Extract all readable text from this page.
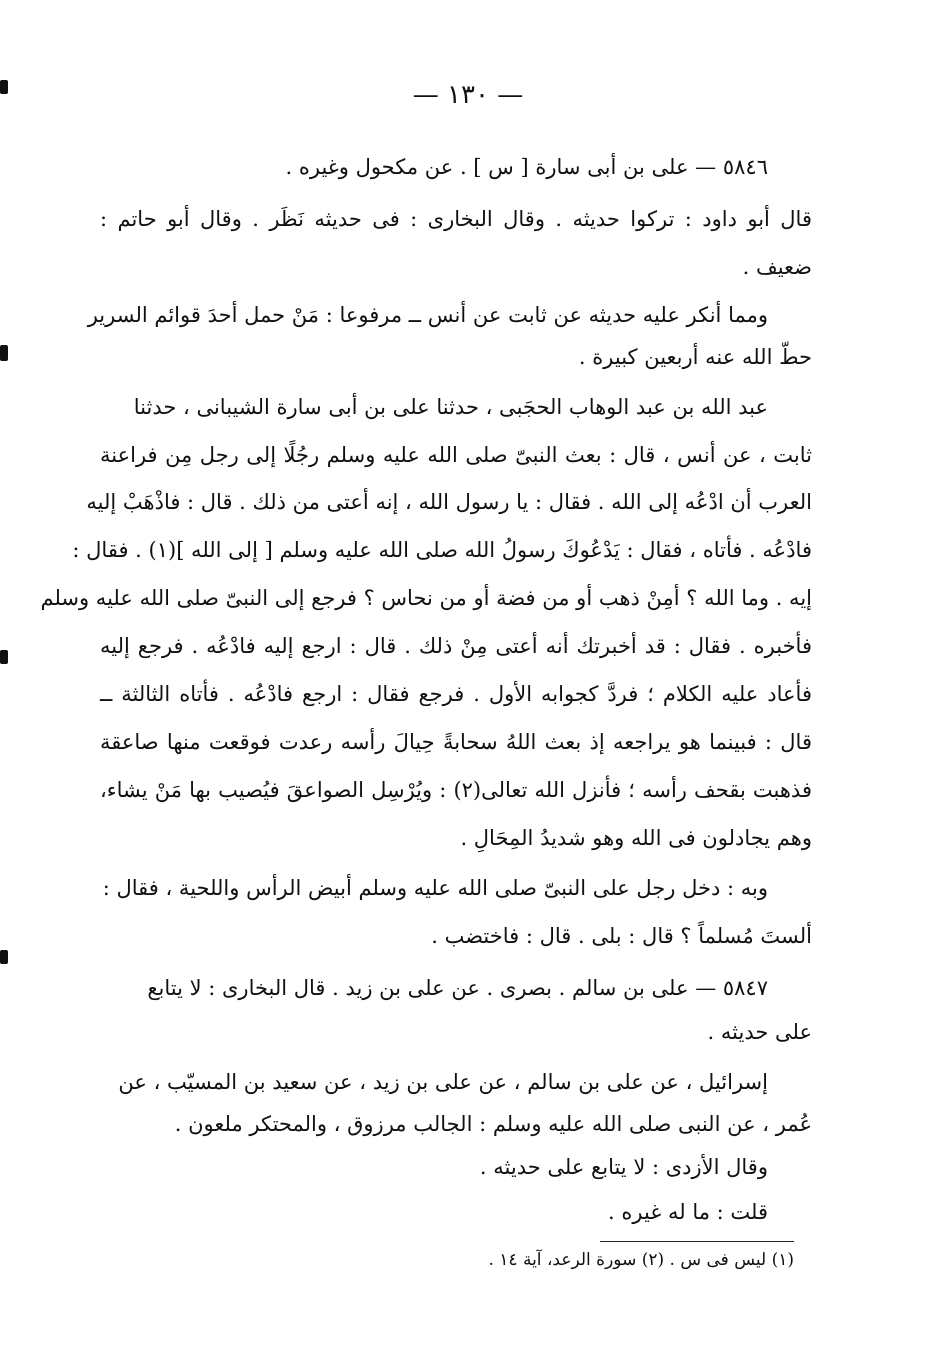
— ١٣٠ —
٥٨٤٦ — على بن أبى سارة [ س ] . عن مكحول وغيره .
قال أبو داود : تركوا حديثه . وقال البخارى : فى حديثه نَظَر . وقال أبو حاتم :
ضعيف .
ومما أنكر عليه حديثه عن ثابت عن أنس ــ مرفوعا : مَنْ حمل أحدَ قوائم السرير
حطّ الله عنه أربعين كبيرة .
عبد الله بن عبد الوهاب الحجَبى ، حدثنا على بن أبى سارة الشيبانى ، حدثنا
ثابت ، عن أنس ، قال : بعث النبىّ صلى الله عليه وسلم رجُلًا إلى رجل مِن فراعنة
العرب أن ادْعُه إلى الله . فقال : يا رسول الله ، إنه أعتى من ذلك . قال : فاذْهَبْ إليه
فادْعُه . فأتاه ، فقال : يَدْعُوكَ رسولُ الله صلى الله عليه وسلم [ إلى الله ](١) . فقال :
إيه . وما الله ؟ أمِنْ ذهب أو من فضة أو من نحاس ؟ فرجع إلى النبىّ صلى الله عليه وسلم
فأخبره . فقال : قد أخبرتك أنه أعتى مِنْ ذلك . قال : ارجع إليه فادْعُه . فرجع إليه
فأعاد عليه الكلام ؛ فردَّ كجوابه الأول . فرجع فقال : ارجع فادْعُه . فأتاه الثالثة ــ
قال : فبينما هو يراجعه إذ بعث اللهُ سحابةً حِيالَ رأسه رعدت فوقعت منها صاعقة
فذهبت بقحف رأسه ؛ فأنزل الله تعالى(٢) : ويُرْسِل الصواعقَ فيُصيب بها مَنْ يشاء،
وهم يجادلون فى الله وهو شديدُ المِحَالِ .
وبه : دخل رجل على النبىّ صلى الله عليه وسلم أبيض الرأس واللحية ، فقال :
ألستَ مُسلماً ؟ قال : بلى . قال : فاختضب .
٥٨٤٧ — على بن سالم . بصرى . عن على بن زيد . قال البخارى : لا يتابع
على حديثه .
إسرائيل ، عن على بن سالم ، عن على بن زيد ، عن سعيد بن المسيّب ، عن
عُمر ، عن النبى صلى الله عليه وسلم : الجالب مرزوق ، والمحتكر ملعون .
وقال الأزدى : لا يتابع على حديثه .
قلت : ما له غيره .
(١) ليس فى س . (٢) سورة الرعد، آية ١٤ .
